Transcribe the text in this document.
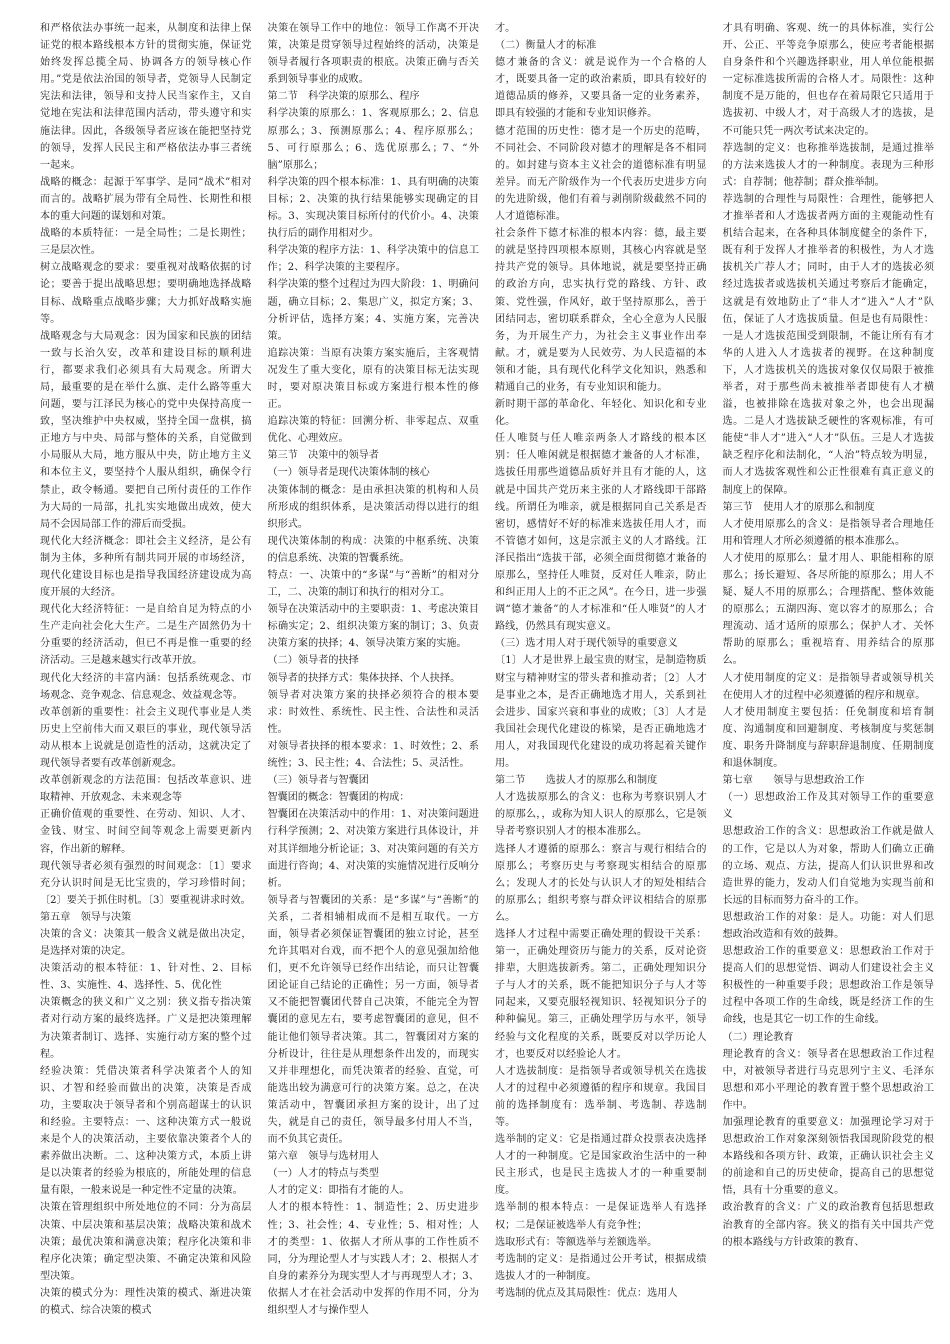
和严格依法办事统一起来，从制度和法律上保证党的根本路线根本方针的贯彻实施，保证党始终发挥总揽全局、协调各方的领导核心作用。”党是依法治国的领导者，党领导人民制定宪法和法律，领导和支持人民当家作主，又自觉地在宪法和法律范围内活动，带头遵守和实施法律。因此，各级领导者应该在能把坚持党的领导，发挥人民民主和严格依法办事三者统一起来。

战略的概念：起源于军事学、是同“战术”相对而言的。战略扩展为带有全局性、长期性和根本的重大问题的谋划和对策。

战略的本质特征：一是全局性；二是长期性；三是层次性。

树立战略观念的要求：要重视对战略依据的讨论；要善于提出战略思想；要明确地选择战略目标、战略重点战略步骤；大力抓好战略实施等。

战略观念与大局观念：因为国家和民族的团结一致与长治久安，改革和建设目标的顺利进行，都要求我们必须具有大局观念。所谓大局，最重要的是在举什么旗、走什么路等重大问题，要与江泽民为核心的党中央保持高度一致，坚决维护中央权威，坚持全国一盘棋，搞正地方与中央、局部与整体的关系，自觉做到小局服从大局，地方服从中央，防止地方主义和本位主义，要坚持个人服从组织，确保令行禁止，政令畅通。要把自己所付责任的工作作为大局的一局部，扎扎实实地做出成效，使大局不会因局部工作的滞后而受损。

现代化大经济概念：即社会主义经济，是公有制为主体，多种所有制共同开展的市场经济，现代化建设目标也是指导我国经济建设成为高度开展的大经济。

现代化大经济特征：一是自给自足为特点的小生产走向社会化大生产。二是生产固然仍为十分重要的经济活动，但已不再是惟一重要的经济活动。三是越来越实行改革开放。

现代化大经济的丰富内涵：包括系统观念、市场观念、竞争观念、信息观念、效益观念等。

改革创新的重要性：社会主义现代事业是人类历史上空前伟大而又艰巨的事业，现代领导活动从根本上说就是创造性的活动，这就决定了现代领导者要有改革创新观念。

改革创新观念的方法范围：包括改革意识、进取精神、开放观念、未来观念等

正确价值观的重要性、在劳动、知识、人才、金钱、财宝、时间空间等观念上需要更新内容，作出新的解释。

现代领导者必须有强烈的时间观念：〔1〕要求充分认识时间是无比宝贵的，学习珍惜时间；〔2〕要关于抓住时机。〔3〕要重视讲求时效。

第五章　领导与决策

决策的含义：决策其一般含义就是做出决定，是选择对策的决定。

决策活动的根本特征：1、针对性、2、目标性、3、实施性、4、选择性、5、优化性

决策概念的狭义和广义之别：狭义指专指决策者对行动方案的最终选择。广义是把决策理解为决策者制订、选择、实施行动方案的整个过程。

经验决策：凭借决策者科学决策者个人的知识、才智和经验而做出的决策，决策是否成功，主要取决于领导者和个别高超谋士的认识和经验。主要特点：一、这种决策方式一般说来是个人的决策活动，主要依靠决策者个人的素养做出决断。二、这种决策方式，本质上讲是以决策者的经验为根底的，所能处理的信息量有限，一般来说是一种定性不定量的决策。

决策在管理组织中所处地位的不同：分为高层决策、中层决策和基层决策；战略决策和战术决策；最优决策和满意决策；程序化决策和非程序化决策；确定型决策、不确定决策和风险型决策。

决策的模式分为：理性决策的模式、渐进决策的模式、综合决策的模式

决策在领导工作中的地位：领导工作离不开决策，决策是贯穿领导过程始终的活动，决策是领导者履行各项职责的根底。决策正确与否关系到领导事业的成败。

第二节　科学决策的原那么、程序

科学决策的原那么：1、客观原那么；2、信息原那么；3、预测原那么；4、程序原那么；5、可行原那么；6、选优原那么；7、“外脑”原那么；

科学决策的四个根本标准：1、具有明确的决策目标；2、决策的执行结果能够实现确定的目标。3、实现决策目标所付的代价小。4、决策执行后的副作用相对少。

科学决策的程序方法：1、科学决策中的信息工作；2、科学决策的主要程序。

科学决策的整个过程过为四大阶段：1、明确问题，确立目标；2、集思广义，拟定方案；3、分析评估，选择方案；4、实施方案，完善决策。

追踪决策：当原有决策方案实施后，主客观情况发生了重大变化，原有的决策目标无法实现时，要对原决策目标或方案进行根本性的修正。

追踪决策的特征：回溯分析、非零起点、双重优化、心理效应。

第三节　决策中的领导者

（一）领导者是现代决策体制的核心

决策体制的概念：是由承担决策的机构和人员所形成的组织体系，是决策活动得以进行的组织形式。

现代决策体制的构成：决策的中枢系统、决策的信息系统、决策的智囊系统。

特点：一、决策中的“多谋”与“善断”的相对分工，二、决策的制订和执行的相对分工。

领导在决策活动中的主要职责：1、考虑决策目标确实定；2、组织决策方案的制订；3、负责决策方案的抉择；4、领导决策方案的实施。

（二）领导者的抉择

领导者的抉择方式：集体抉择、个人抉择。

领导者对决策方案的抉择必须符合的根本要求：时效性、系统性、民主性、合法性和灵活性。

对领导者抉择的根本要求：1、时效性；2、系统性；3、民主性；4、合法性；5、灵活性。

（三）领导者与智囊团

智囊团的概念：智囊团的构成：

智囊团在决策活动中的作用：1、对决策问题进行科学预测；2、对决策方案进行具体设计，并对其详细地分析论证；3、对决策问题的有关方面进行咨询；4、对决策的实施情况进行反响分析。

领导者与智囊团的关系：是“多谋”与“善断”的关系，二者相辅相成而不是相互取代。一方面，领导者必须保证智囊团的独立讨论，甚至允许其唱对台戏，而不把个人的意见强加给他们，更不允许领导已经作出结论，而只让智囊团论证自己结论的正确性；另一方面，领导者又不能把智囊团代替自己决策，不能完全为智囊团的意见左右，要考虑智囊团的意见，但不能让他们领导者决策。其二，智囊团对方案的分析设计，往往是从理想条件出发的，而现实又并非理想化，而凭决策者的经验、直觉，可能选出较为满意可行的决策方案。总之，在决策活动中，智囊团承担方案的设计，出了过失，就是自己的责任，领导最多付用人不当，而不负其它责任。

第六章　领导与选材用人

（一）人才的特点与类型

人才的定义：即指有才能的人。

人才的根本特性：1、制造性；2、历史进步性；3、社会性；4、专业性；5、相对性；人才的类型：1、依据人才所从事的工作性质不同，分为理论型人才与实践人才；2、根据人才自身的素养分为现实型人才与再现型人才；3、依据人才在社会活动中发挥的作用不同，分为组织型人才与操作型人

才。

（二）衡量人才的标准

德才兼备的含义：就是说作为一个合格的人才，既要具备一定的政治素质，即具有较好的道德品质的修养，又要具备一定的业务素养，即具有较强的才能和专业知识修养。

德才范围的历史性：德才是一个历史的范畴，不同社会、不同阶段对德才的理解是各不相同的。如封建与资本主义社会的道德标准有明显差异。而无产阶级作为一个代表历史进步方向的先进阶级，他们有着与剥削阶级截然不同的人才道德标准。

社会条件下德才标准的根本内容：德，最主要的就是坚持四项根本原则，其核心内容就是坚持共产党的领导。具体地说，就是要坚持正确的政治方向，忠实执行党的路线、方针、政策、党性强，作风好，敢于坚持原那么，善于团结同志，密切联系群众，全心全意为人民服务，为开展生产力，为社会主义事业作出奉献。才，就是要为人民效劳、为人民造福的本领和才能，具有现代化科学文化知识，熟悉和精通自己的业务，有专业知识和能力。

新时期干部的革命化、年轻化、知识化和专业化。

任人唯贤与任人唯亲两条人才路线的根本区别：任人唯闲就是根据德才兼备的人才标准，选拔任用那些道德品质好并且有才能的人，这就是中国共产党历来主张的人才路线即干部路线。所谓任为唯亲，就是根据同自己关系是否密切，感情好不好的标准来选拔任用人才，而不管德才如何，这是宗派主义的人才路线。江泽民指出“选拔干部，必须全面贯彻德才兼备的原那么，坚持任人唯贤，反对任人唯亲，防止和纠正用人上的不正之风”。在今日，进一步强调“德才兼备”的人才标准和“任人唯贤”的人才路线，仍然具有现实意义。

（三）选才用人对于现代领导的重要意义

〔1〕人才是世界上最宝贵的财宝，是制造物质财宝与精神财宝的带头者和推动者；〔2〕人才是事业之本，是否正确地选才用人，关系到社会进步、国家兴衰和事业的成败；〔3〕人才是我国社会现代化建设的栋梁，是否正确地选才用人，对我国现代化建设的成功将起着关键作用。

第二节　　选拔人才的原那么和制度

人才选拔原那么的含义：也称为考察识别人才的原那么，，或称为知人识人的原那么，它是领导者考察识别人才的根本准那么。

选择人才遵循的原那么：察言与观行相结合的原那么；考察历史与考察现实相结合的原那么；发现人才的长处与认识人才的短处相结合的原那么；组织考察与群众评议相结合的原那么。

选择人才过程中需要正确处理的假设干关系：第一，正确处理资历与能力的关系，反对论资排辈，大胆选拔新秀。第二，正确处理知识分子与人才的关系，既不能把知识分子与人才等同起来，又要克服轻视知识、轻视知识分子的种种偏见。第三，正确处理学历与水平，领导经验与文化程度的关系，既要反对以学历论人才，也要反对以经验论人才。

人才选拔制度：是指领导者或领导机关在选拔人才的过程中必须遵循的程序和规章。我国目前的选择制度有：选举制、考选制、荐选制等。

选举制的定义：它是指通过群众投票表决选择人才的一种制度。它是国家政治生活中的一种民主形式，也是民主选拔人才的一种重要制度。

选举制的根本特点：一是保证选举人有选择权；二是保证被选举人有竞争性；

选取形式有：等额选举与差额选举。

考选制的定义：是指通过公开考试，根据成绩选拔人才的一种制度。

考选制的优点及其局限性：优点：选用人

才具有明确、客观、统一的具体标准，实行公开、公正、平等竞争原那么，使应考者能根据自身条件和个兴趣选择职业，用人单位能根据一定标准选拔所需的合格人才。局限性：这种制度不是万能的，但也存在着局限它只适用于选拔初、中级人才，对于高级人才的选拔，是不可能只凭一两次考试来决定的。

荐选制的定义：也称推举选拔制，是通过推举的方法来选拔人才的一种制度。表现为三种形式：自荐制；他荐制；群众推举制。

荐选制的合理性与局限性：合理性，能够把人才推举者和人才选拔者两方面的主观能动性有机结合起来，在各种具体制度健全的条件下，既有利于发挥人才推举者的积极性，为人才选拔机关广荐人才；同时，由于人才的选拔必须经过选拔者或选拔机关通过考察后才能确定，这就是有效地防止了“非人才”进入“人才”队伍，保证了人才选拔质量。但是也有局限性：一是人才选拔范围受到限制，不能让所有有才华的人进入人才选拔者的视野。在这种制度下，人才选拔机关的选拔对象仅仅局限于被推举者，对于那些尚未被推举者即使有人才横溢，也被排除在选拔对象之外，也会出现漏选。二是人才选拔缺乏硬性的客观标准，有可能使“非人才”进入“人才”队伍。三是人才选拔缺乏程序化和法制化，“人治”特点较为明显，而人才选拔客观性和公正性很难有真正意义的制度上的保障。

第三节　使用人才的原那么和制度

人才使用原那么的含义：是指领导者合理地任用和管理人才所必须遵循的根本准那么。

人才使用的原那么：量才用人、职能相称的原那么；扬长避短、各尽所能的原那么；用人不疑、疑人不用的原那么；合理搭配、整体效能的原那么；五湖四海、宽以容才的原那么；合理流动、适才适所的原那么；保护人才、关怀帮助的原那么；重视培育、用养结合的原那么。

人才使用制度的定义：是指领导者或领导机关在使用人才的过程中必须遵循的程序和规章。

人才使用制度主要包括：任免制度和培育制度、沟通制度和回避制度、考核制度与奖惩制度、职务升降制度与辞职辞退制度、任期制度和退休制度。

第七章　　领导与思想政治工作

（一）思想政治工作及其对领导工作的重要意义

思想政治工作的含义：思想政治工作就是做人的工作，它是以人为对象，帮助人们确立正确的立场、观点、方法，提高人们认识世界和改造世界的能力，发动人们自觉地为实现当前和长远的目标而努力奋斗的工作。

思想政治工作的对象：是人。功能：对人们思想政治改造和有效的鼓舞。

思想政治工作的重要意义：思想政治工作对于提高人们的思想觉悟、调动人们建设社会主义积极性的一种重要手段；思想政治工作是领导过程中各项工作的生命线，既是经济工作的生命线，也是其它一切工作的生命线。

（二）理论教育

理论教育的含义：领导者在思想政治工作过程中，对被领导者进行马克思列宁主义、毛泽东思想和邓小平理论的教育置于整个思想政治工作中。

加强理论教育的重要意义：加强理论学习对于思想政治工作对象深刻领悟我国现阶段党的根本路线和各项方针、政策，正确认识社会主义的前途和自己的历史使命，提高自己的思想觉悟，具有十分重要的意义。

政治教育的含义：广义的政治教育包括思想政治教育的全部内容。狭义的指有关中国共产党的根本路线与方针政策的教育、
